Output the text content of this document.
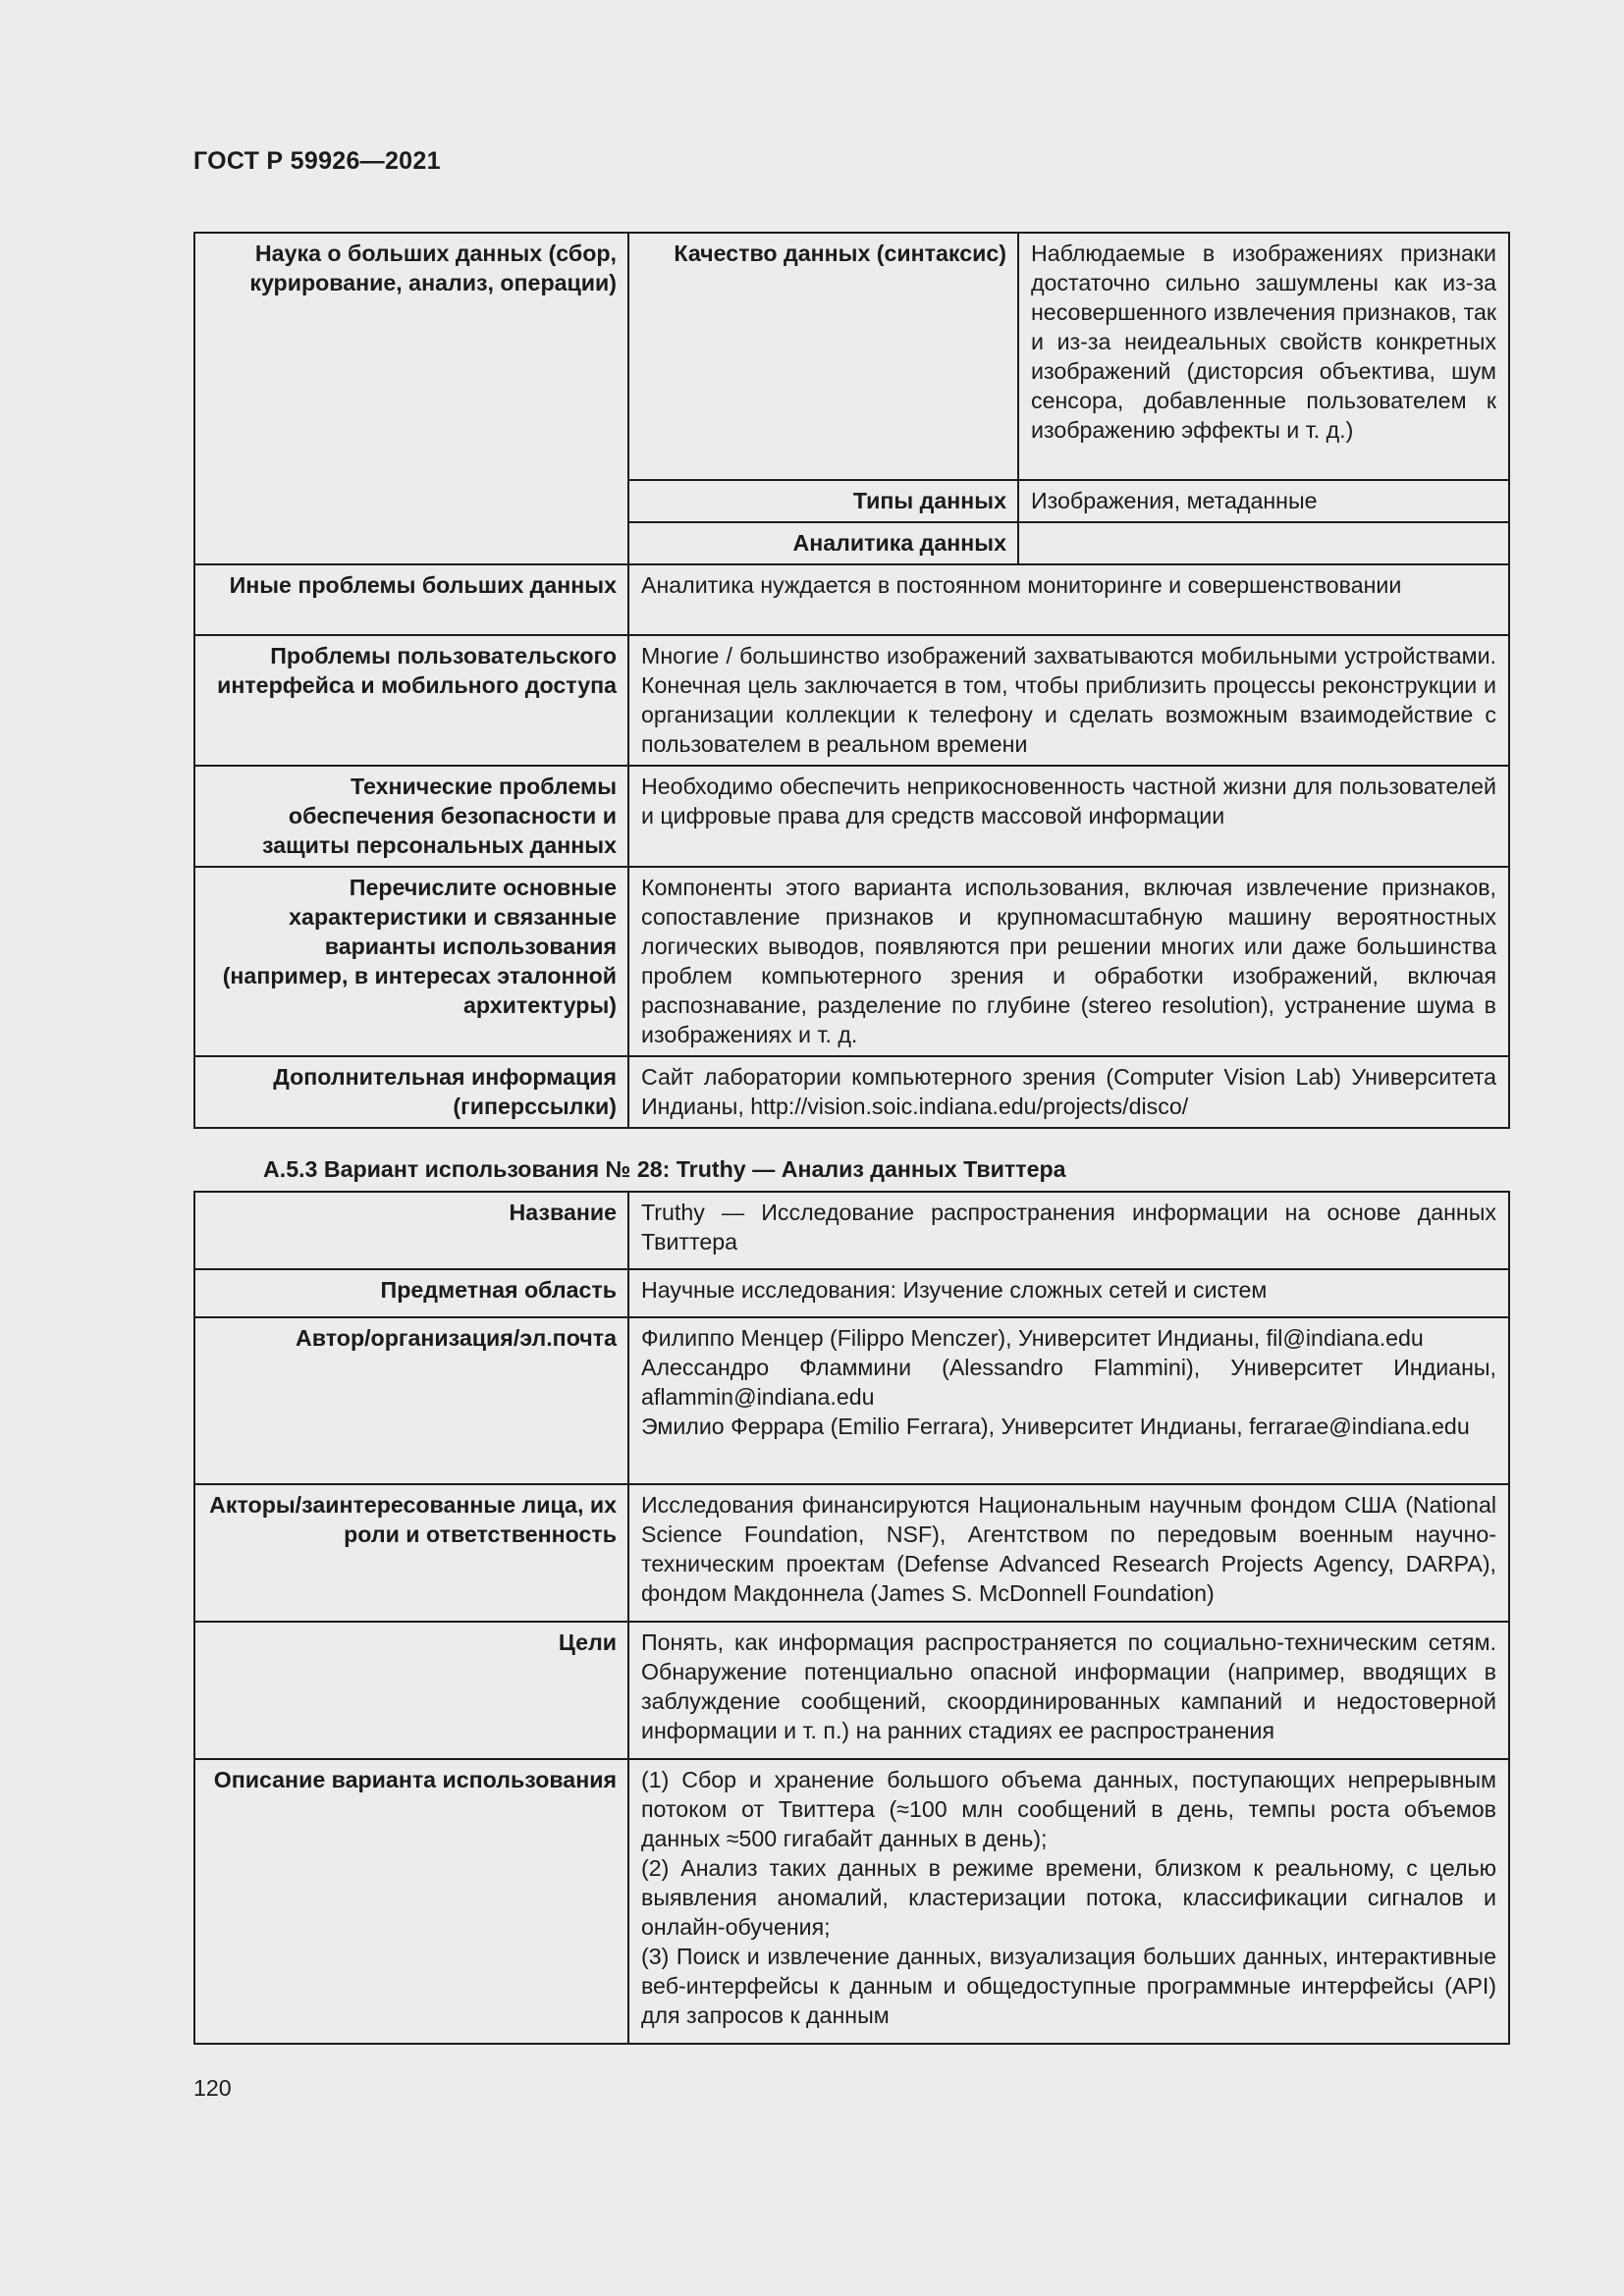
ГОСТ Р 59926—2021
Наука о больших данных (сбор, курирование, анализ, операции)	Качество данных (синтаксис)	Наблюдаемые в изображениях признаки достаточно сильно зашумлены как из-за несовершенного извлечения признаков, так и из-за неидеальных свойств конкретных изображений (дисторсия объектива, шум сенсора, добавленные пользователем к изображению эффекты и т. д.)
	Типы данных	Изображения, метаданные
	Аналитика данных	
Иные проблемы больших данных	Аналитика нуждается в постоянном мониторинге и совершенствовании	
Проблемы пользовательского интерфейса и мобильного доступа	Многие / большинство изображений захватываются мобильными устройствами. Конечная цель заключается в том, чтобы приблизить процессы реконструкции и организации коллекции к телефону и сделать возможным взаимодействие с пользователем в реальном времени	
Технические проблемы обеспечения безопасности и защиты персональных данных	Необходимо обеспечить неприкосновенность частной жизни для пользователей и цифровые права для средств массовой информации	
Перечислите основные характеристики и связанные варианты использования (например, в интересах эталонной архитектуры)	Компоненты этого варианта использования, включая извлечение признаков, сопоставление признаков и крупномасштабную машину вероятностных логических выводов, появляются при решении многих или даже большинства проблем компьютерного зрения и обработки изображений, включая распознавание, разделение по глубине (stereo resolution), устранение шума в изображениях и т. д.	
Дополнительная информация (гиперссылки)	Сайт лаборатории компьютерного зрения (Computer Vision Lab) Университета Индианы, http://vision.soic.indiana.edu/projects/disco/	
А.5.3 Вариант использования № 28: Truthy — Анализ данных Твиттера
Название	Truthy — Исследование распространения информации на основе данных Твиттера
Предметная область	Научные исследования: Изучение сложных сетей и систем
Автор/организация/эл.почта	Филиппо Менцер (Filippo Menczer), Университет Индианы, fil@indiana.edu
Алессандро Фламмини (Alessandro Flammini), Университет Индианы, aflammin@indiana.edu
Эмилио Феррара (Emilio Ferrara), Университет Индианы, ferrarae@indiana.edu

Акторы/заинтересованные лица, их роли и ответственность	Исследования финансируются Национальным научным фондом США (National Science Foundation, NSF), Агентством по передовым военным научно-техническим проектам (Defense Advanced Research Projects Agency, DARPA), фондом Макдоннела (James S. McDonnell Foundation)
Цели	Понять, как информация распространяется по социально-техническим сетям. Обнаружение потенциально опасной информации (например, вводящих в заблуждение сообщений, скоординированных кампаний и недостоверной информации и т. п.) на ранних стадиях ее распространения
Описание варианта использования	(1) Сбор и хранение большого объема данных, поступающих непрерывным потоком от Твиттера (≈100 млн сообщений в день, темпы роста объемов данных ≈500 гигабайт данных в день);
(2) Анализ таких данных в режиме времени, близком к реальному, с целью выявления аномалий, кластеризации потока, классификации сигналов и онлайн-обучения;
(3) Поиск и извлечение данных, визуализация больших данных, интерактивные веб-интерфейсы к данным и общедоступные программные интерфейсы (API) для запросов к данным
120
